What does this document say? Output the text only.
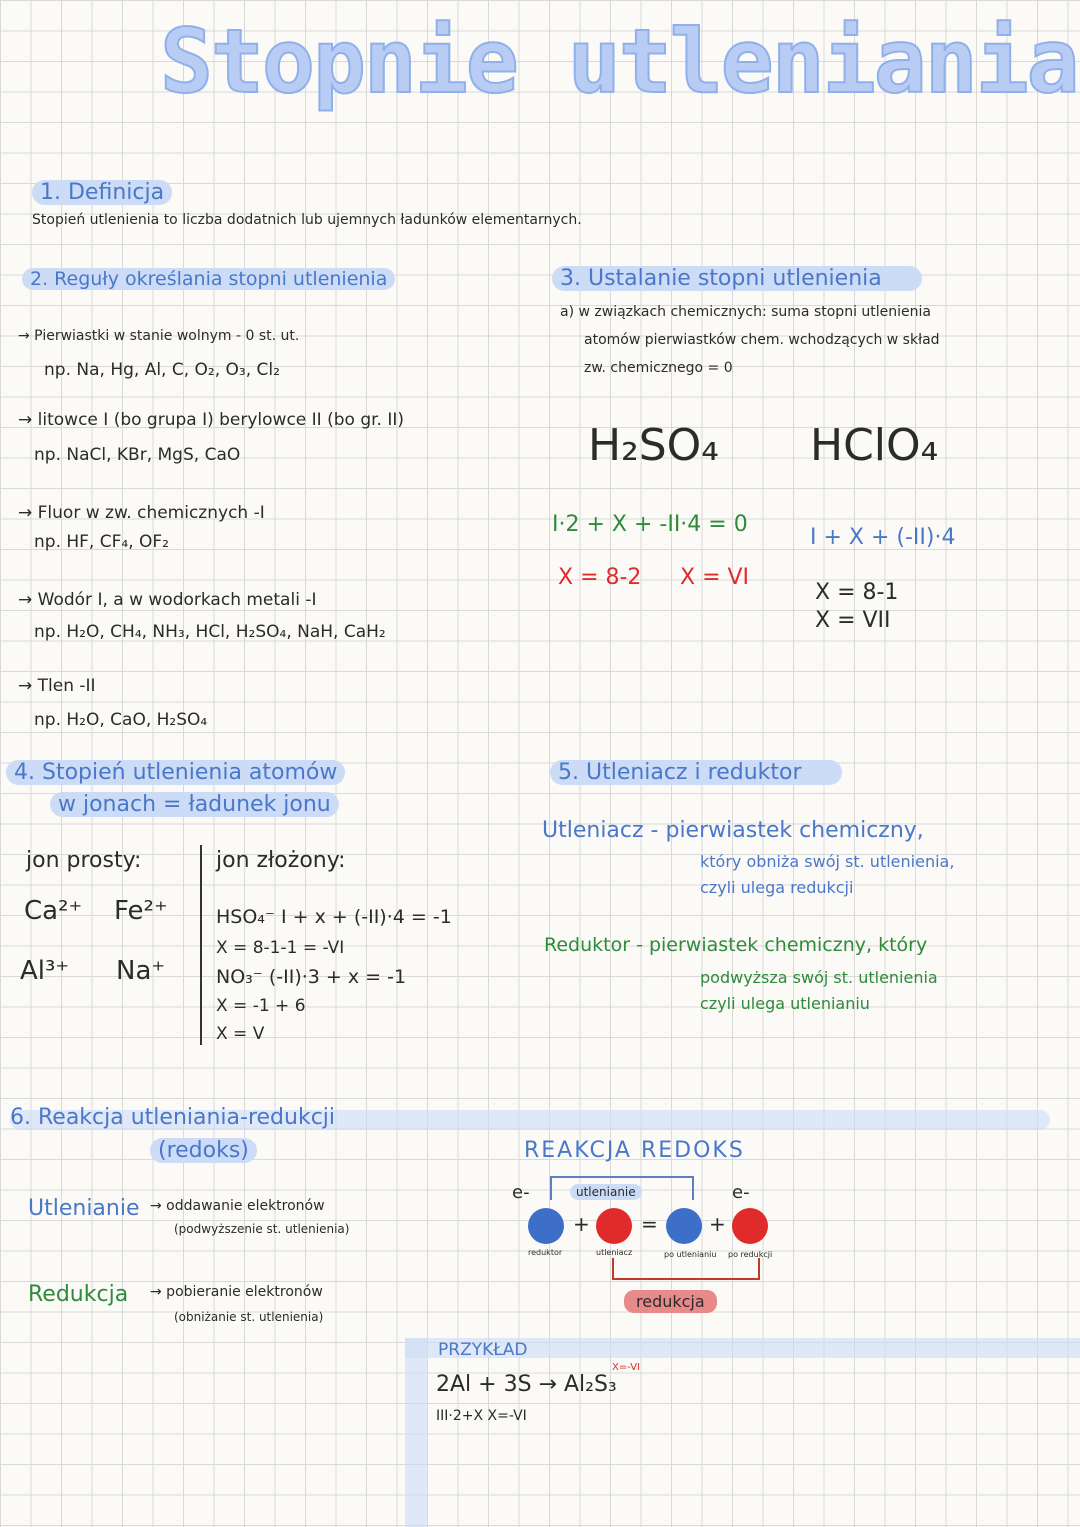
Stopnie utleniania
1. Definicja
Stopień utlenienia to liczba dodatnich lub ujemnych ładunków elementarnych.
2. Reguły określania stopni utlenienia
→ Pierwiastki w stanie wolnym - 0 st. ut.
np. Na, Hg, Al, C, O₂, O₃, Cl₂
→ litowce I (bo grupa I) berylowce II (bo gr. II)
np. NaCl, KBr, MgS, CaO
→ Fluor w zw. chemicznych -I
np. HF, CF₄, OF₂
→ Wodór I, a w wodorkach metali -I
np. H₂O, CH₄, NH₃, HCl, H₂SO₄, NaH, CaH₂
→ Tlen -II
np. H₂O, CaO, H₂SO₄
3. Ustalanie stopni utlenienia
a) w związkach chemicznych: suma stopni utlenienia
atomów pierwiastków chem. wchodzących w skład
zw. chemicznego = 0
H₂SO₄
I·2 + X + -II·4 = 0
X = 8-2 X = VI
HClO₄
I + X + (-II)·4
X = 8-1
X = VII
4. Stopień utlenienia atomów
w jonach = ładunek jonu
jon prosty:
Ca²⁺ Fe²⁺
Al³⁺ Na⁺
jon złożony:
HSO₄⁻ I + x + (-II)·4 = -1
X = 8-1-1 = -VI
NO₃⁻ (-II)·3 + x = -1
X = -1 + 6
X = V
5. Utleniacz i reduktor
Utleniacz - pierwiastek chemiczny,
który obniża swój st. utlenienia,
czyli ulega redukcji
Reduktor - pierwiastek chemiczny, który
podwyższa swój st. utlenienia
czyli ulega utlenianiu
6. Reakcja utleniania-redukcji
(redoks)
Utlenianie → oddawanie elektronów
(podwyższenie st. utlenienia)
Redukcja → pobieranie elektronów
(obniżanie st. utlenienia)
REAKCJA REDOKS
e-	e-
utlenianie
+	=	+
reduktor	utleniacz	po utlenianiu po redukcji
redukcja
PRZYKŁAD
2Al + 3S → Al₂S₃
III·2+X X=-VI
X=-VI
